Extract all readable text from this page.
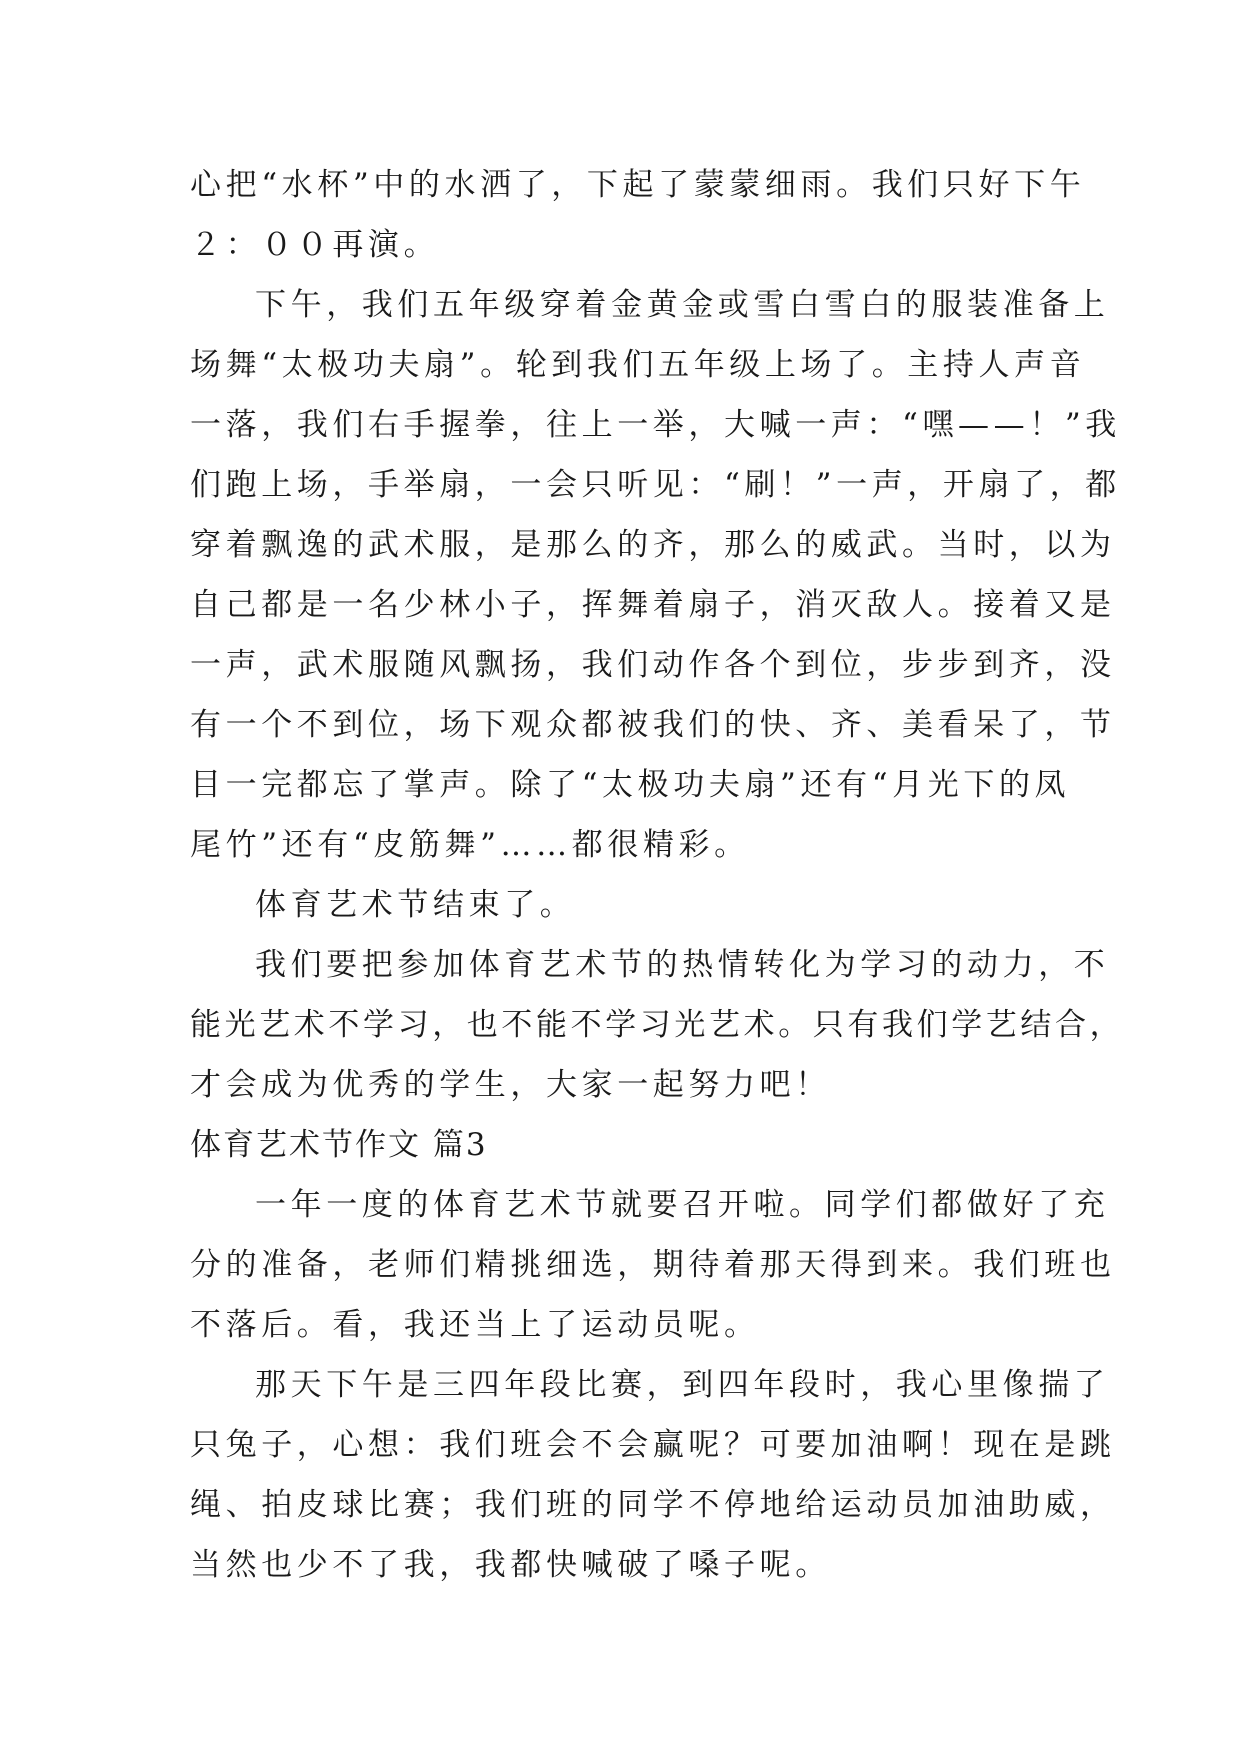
心把“水杯”中的水洒了，下起了蒙蒙细雨。我们只好下午
２：００再演。
下午，我们五年级穿着金黄金或雪白雪白的服装准备上
场舞“太极功夫扇”。轮到我们五年级上场了。主持人声音
一落，我们右手握拳，往上一举，大喊一声：“嘿——！”我
们跑上场，手举扇，一会只听见：“刷！”一声，开扇了，都
穿着飘逸的武术服，是那么的齐，那么的威武。当时，以为
自己都是一名少林小子，挥舞着扇子，消灭敌人。接着又是
一声，武术服随风飘扬，我们动作各个到位，步步到齐，没
有一个不到位，场下观众都被我们的快、齐、美看呆了，节
目一完都忘了掌声。除了“太极功夫扇”还有“月光下的凤
尾竹”还有“皮筋舞”……都很精彩。
体育艺术节结束了。
我们要把参加体育艺术节的热情转化为学习的动力，不
能光艺术不学习，也不能不学习光艺术。只有我们学艺结合，
才会成为优秀的学生，大家一起努力吧！
体育艺术节作文 篇3
一年一度的体育艺术节就要召开啦。同学们都做好了充
分的准备，老师们精挑细选，期待着那天得到来。我们班也
不落后。看，我还当上了运动员呢。
那天下午是三四年段比赛，到四年段时，我心里像揣了
只兔子，心想：我们班会不会赢呢？可要加油啊！现在是跳
绳、拍皮球比赛；我们班的同学不停地给运动员加油助威，
当然也少不了我，我都快喊破了嗓子呢。
